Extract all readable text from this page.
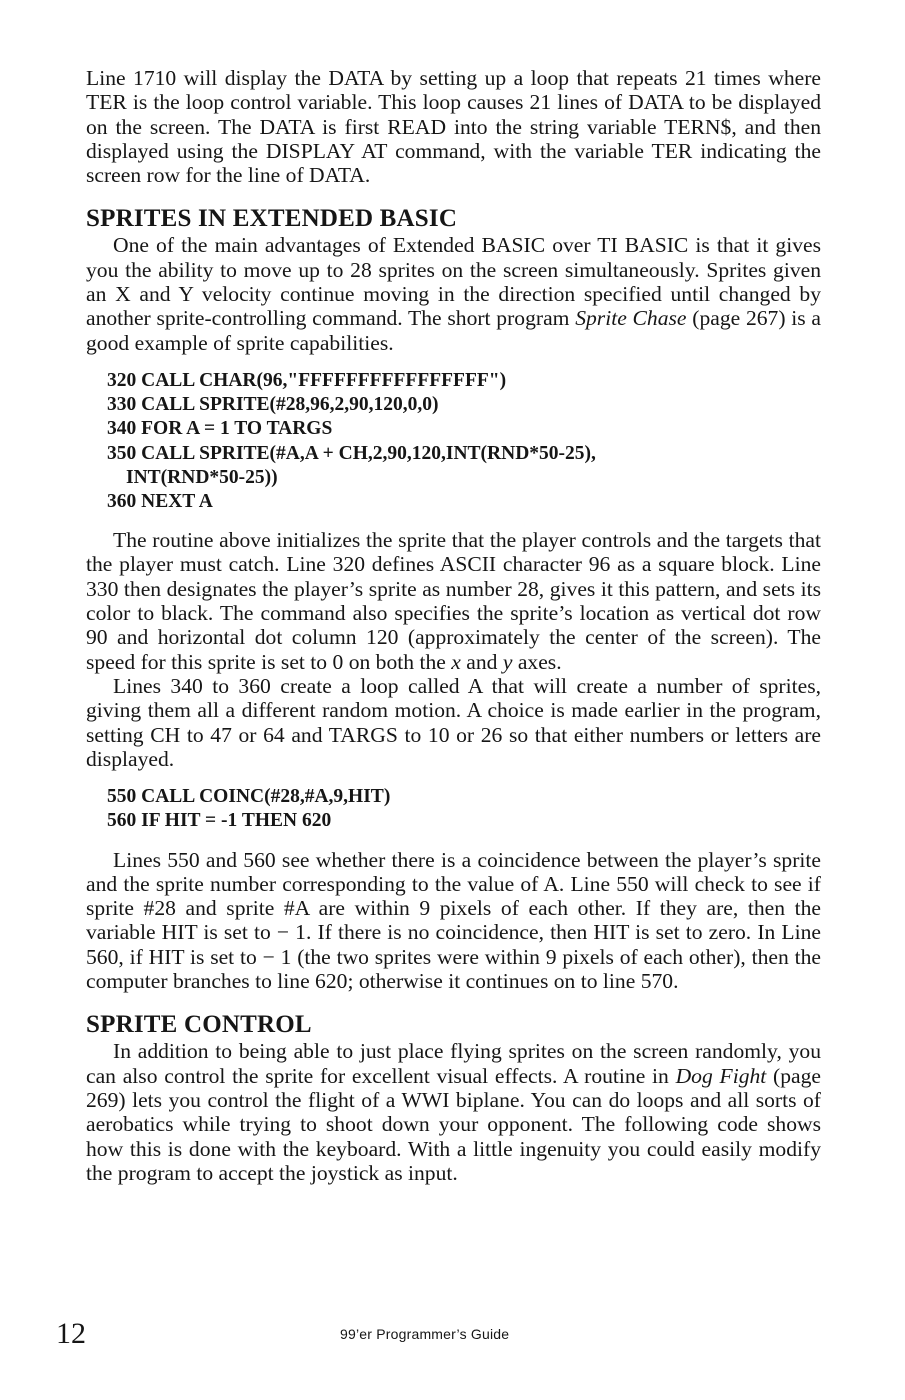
Line 1710 will display the DATA by setting up a loop that repeats 21 times where TER is the loop control variable. This loop causes 21 lines of DATA to be displayed on the screen. The DATA is first READ into the string variable TERN$, and then displayed using the DISPLAY AT command, with the variable TER indicating the screen row for the line of DATA.

SPRITES IN EXTENDED BASIC

One of the main advantages of Extended BASIC over TI BASIC is that it gives you the ability to move up to 28 sprites on the screen simultaneously. Sprites given an X and Y velocity continue moving in the direction specified until changed by another sprite-controlling command. The short program Sprite Chase (page 267) is a good example of sprite capabilities.

320 CALL CHAR(96,"FFFFFFFFFFFFFFFF")
330 CALL SPRITE(#28,96,2,90,120,0,0)
340 FOR A = 1 TO TARGS
350 CALL SPRITE(#A,A + CH,2,90,120,INT(RND*50-25),
INT(RND*50-25))
360 NEXT A

The routine above initializes the sprite that the player controls and the targets that the player must catch. Line 320 defines ASCII character 96 as a square block. Line 330 then designates the player’s sprite as number 28, gives it this pattern, and sets its color to black. The command also specifies the sprite’s location as vertical dot row 90 and horizontal dot column 120 (approximately the center of the screen). The speed for this sprite is set to 0 on both the x and y axes.

Lines 340 to 360 create a loop called A that will create a number of sprites, giving them all a different random motion. A choice is made earlier in the program, setting CH to 47 or 64 and TARGS to 10 or 26 so that either numbers or letters are displayed.

550 CALL COINC(#28,#A,9,HIT)
560 IF HIT = -1 THEN 620

Lines 550 and 560 see whether there is a coincidence between the player’s sprite and the sprite number corresponding to the value of A. Line 550 will check to see if sprite #28 and sprite #A are within 9 pixels of each other. If they are, then the variable HIT is set to − 1. If there is no coincidence, then HIT is set to zero. In Line 560, if HIT is set to − 1 (the two sprites were within 9 pixels of each other), then the computer branches to line 620; otherwise it continues on to line 570.

SPRITE CONTROL

In addition to being able to just place flying sprites on the screen randomly, you can also control the sprite for excellent visual effects. A routine in Dog Fight (page 269) lets you control the flight of a WWI biplane. You can do loops and all sorts of aerobatics while trying to shoot down your opponent. The following code shows how this is done with the keyboard. With a little ingenuity you could easily modify the program to accept the joystick as input.

12	99’er Programmer’s Guide
